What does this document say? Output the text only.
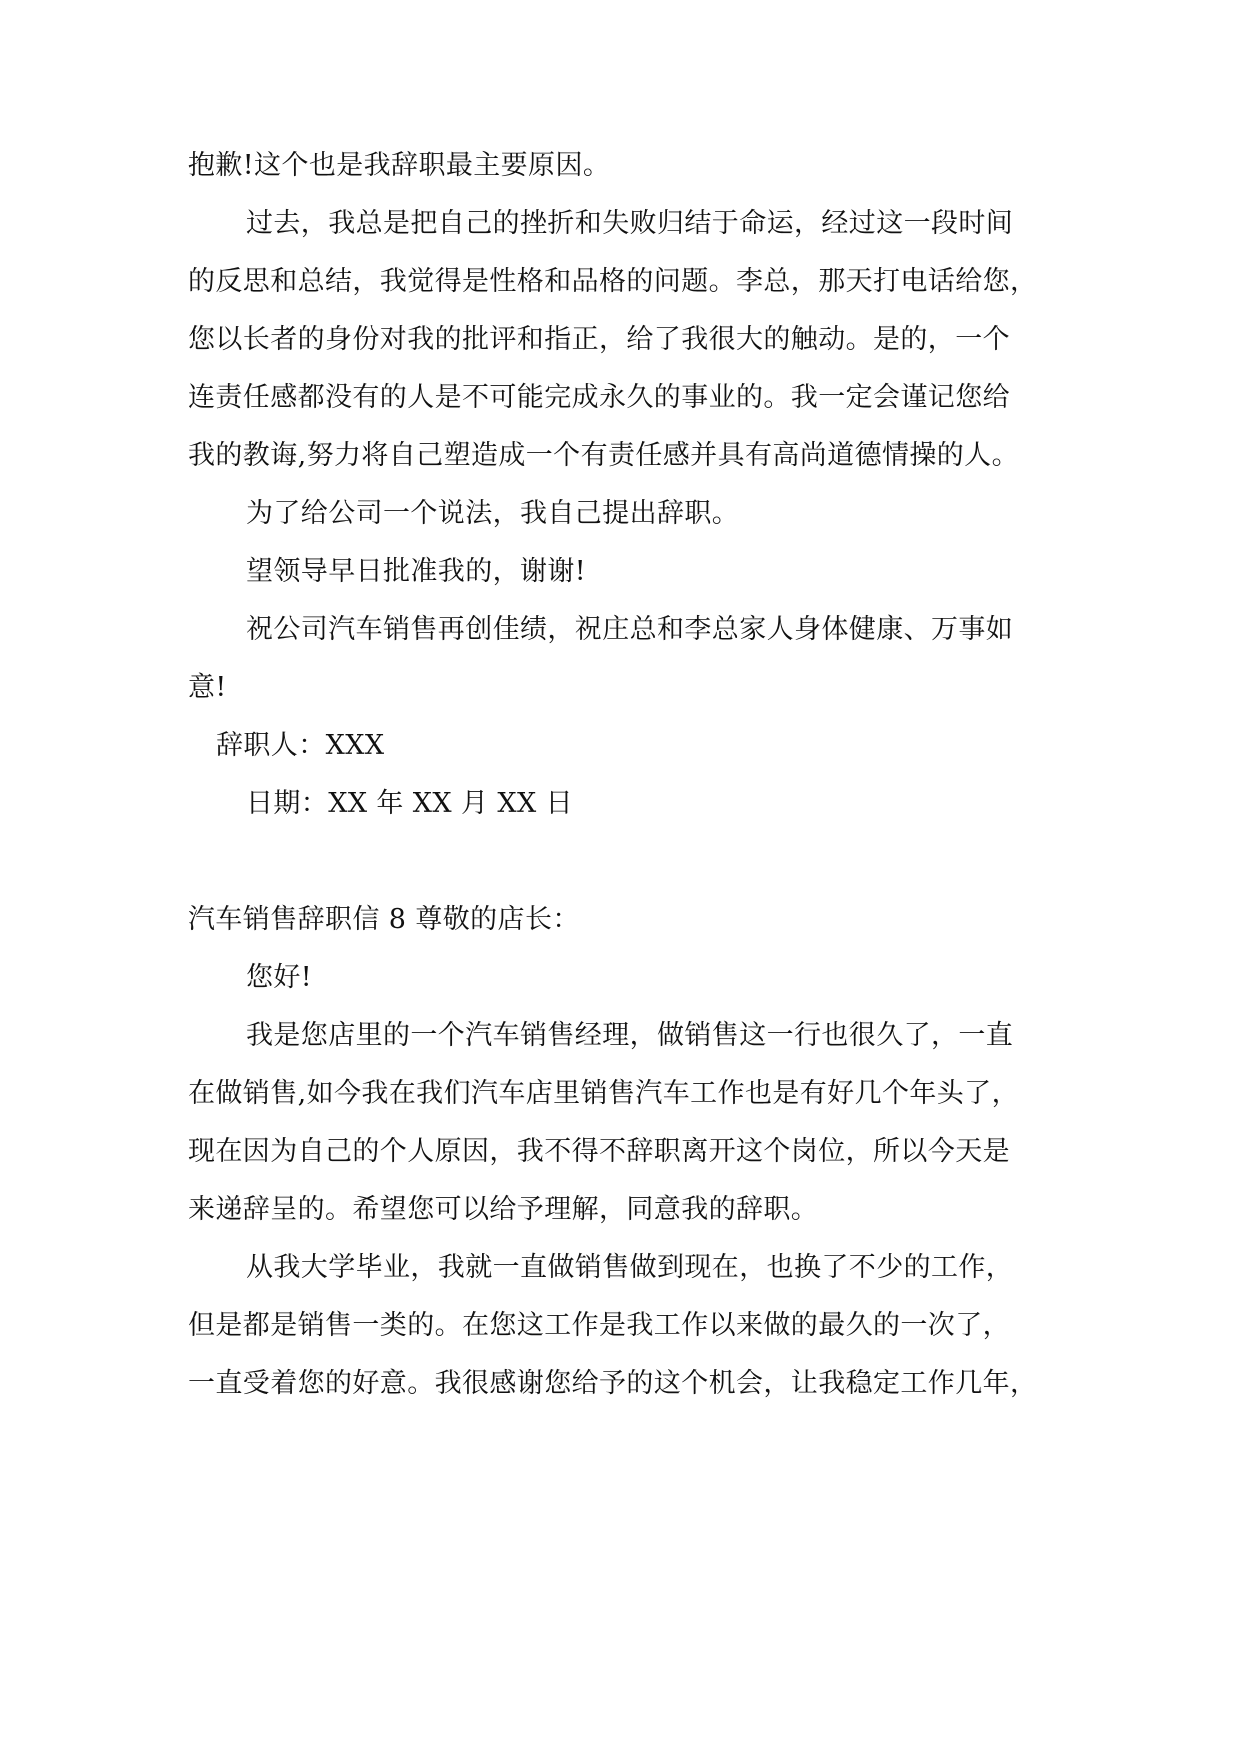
抱歉!这个也是我辞职最主要原因。
过去，我总是把自己的挫折和失败归结于命运，经过这一段时间
的反思和总结，我觉得是性格和品格的问题。李总，那天打电话给您，
您以长者的身份对我的批评和指正，给了我很大的触动。是的，一个
连责任感都没有的人是不可能完成永久的事业的。我一定会谨记您给
我的教诲,努力将自己塑造成一个有责任感并具有高尚道德情操的人。
为了给公司一个说法，我自己提出辞职。
望领导早日批准我的，谢谢!
祝公司汽车销售再创佳绩，祝庄总和李总家人身体健康、万事如
意!
辞职人：XXX
日期：XX 年 XX 月 XX 日
汽车销售辞职信 8 尊敬的店长：
您好!
我是您店里的一个汽车销售经理，做销售这一行也很久了，一直
在做销售,如今我在我们汽车店里销售汽车工作也是有好几个年头了，
现在因为自己的个人原因，我不得不辞职离开这个岗位，所以今天是
来递辞呈的。希望您可以给予理解，同意我的辞职。
从我大学毕业，我就一直做销售做到现在，也换了不少的工作，
但是都是销售一类的。在您这工作是我工作以来做的最久的一次了，
一直受着您的好意。我很感谢您给予的这个机会，让我稳定工作几年，
